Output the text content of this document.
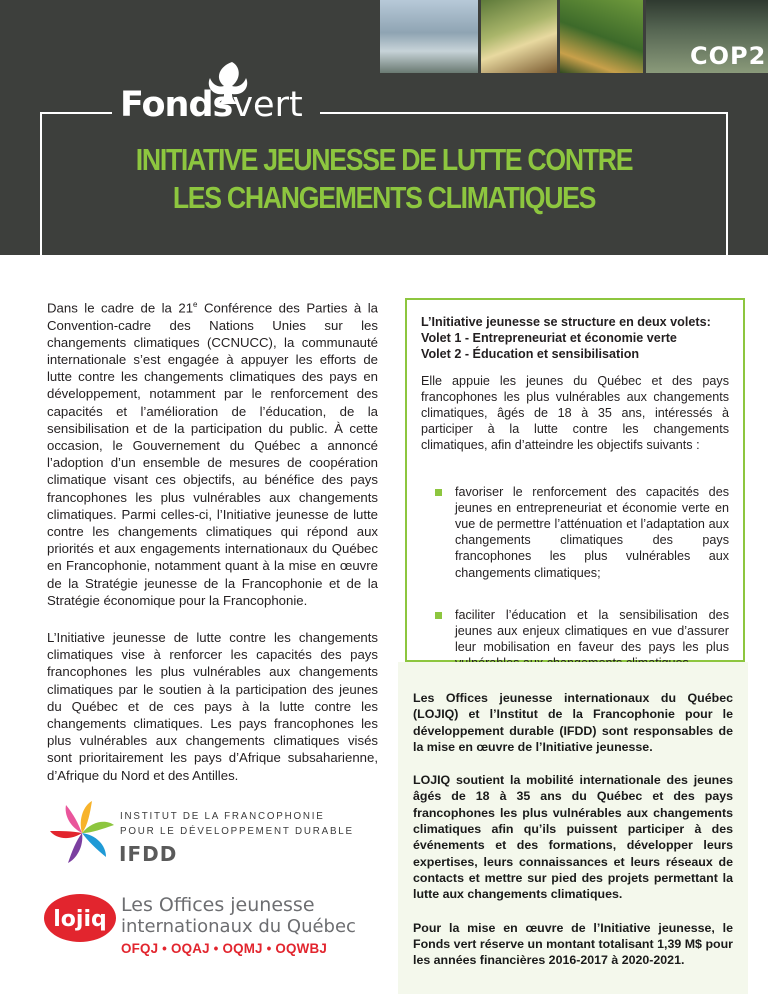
COP21
Fondsvert
INITIATIVE JEUNESSE DE LUTTE CONTRE
LES CHANGEMENTS CLIMATIQUES

Dans le cadre de la 21e Conférence des Parties à la Convention-cadre des Nations Unies sur les changements climatiques (CCNUCC), la communauté internationale s’est engagée à appuyer les efforts de lutte contre les changements climatiques des pays en développement, notamment par le renforcement des capacités et l’amélioration de l’éducation, de la sensibilisation et de la participation du public. À cette occasion, le Gouvernement du Québec a annoncé l’adoption d’un ensemble de mesures de coopération climatique visant ces objectifs, au bénéfice des pays francophones les plus vulnérables aux changements climatiques. Parmi celles-ci, l’Initiative jeunesse de lutte contre les changements climatiques qui répond aux priorités et aux engagements internationaux du Québec en Francophonie, notamment quant à la mise en œuvre de la Stratégie jeunesse de la Francophonie et de la Stratégie économique pour la Francophonie.

L’Initiative jeunesse de lutte contre les changements climatiques vise à renforcer les capacités des pays francophones les plus vulnérables aux changements climatiques par le soutien à la participation des jeunes du Québec et de ces pays à la lutte contre les changements climatiques. Les pays francophones les plus vulnérables aux changements climatiques visés sont prioritairement les pays d’Afrique subsaharienne, d’Afrique du Nord et des Antilles.

L’Initiative jeunesse se structure en deux volets:
Volet 1 - Entrepreneuriat et économie verte
Volet 2 - Éducation et sensibilisation

Elle appuie les jeunes du Québec et des pays francophones les plus vulnérables aux changements climatiques, âgés de 18 à 35 ans, intéressés à participer à la lutte contre les changements climatiques, afin d’atteindre les objectifs suivants :

favoriser le renforcement des capacités des jeunes en entrepreneuriat et économie verte en vue de permettre l’atténuation et l’adaptation aux changements climatiques des pays francophones les plus vulnérables aux changements climatiques;
faciliter l’éducation et la sensibilisation des jeunes aux enjeux climatiques en vue d’assurer leur mobilisation en faveur des pays les plus

Les Offices jeunesse internationaux du Québec (LOJIQ) et l’Institut de la Francophonie pour le développement durable (IFDD) sont responsables de la mise en œuvre de l’Initiative jeunesse.

LOJIQ soutient la mobilité internationale des jeunes âgés de 18 à 35 ans du Québec et des pays francophones les plus vulnérables aux changements climatiques afin qu’ils puissent participer à des événements et des formations, développer leurs expertises, leurs connaissances et leurs réseaux de contacts et mettre sur pied des projets permettant la lutte aux changements climatiques.

Pour la mise en œuvre de l’Initiative jeunesse, le Fonds vert réserve un montant totalisant 1,39 M$ pour les années financières 2016-2017 à 2020-2021.

INSTITUT DE LA FRANCOPHONIE
POUR LE DÉVELOPPEMENT DURABLE
IFDD
lojiq
Les Offices jeunesse
internationaux du Québec
OFQJ • OQAJ • OQMJ • OQWBJ
